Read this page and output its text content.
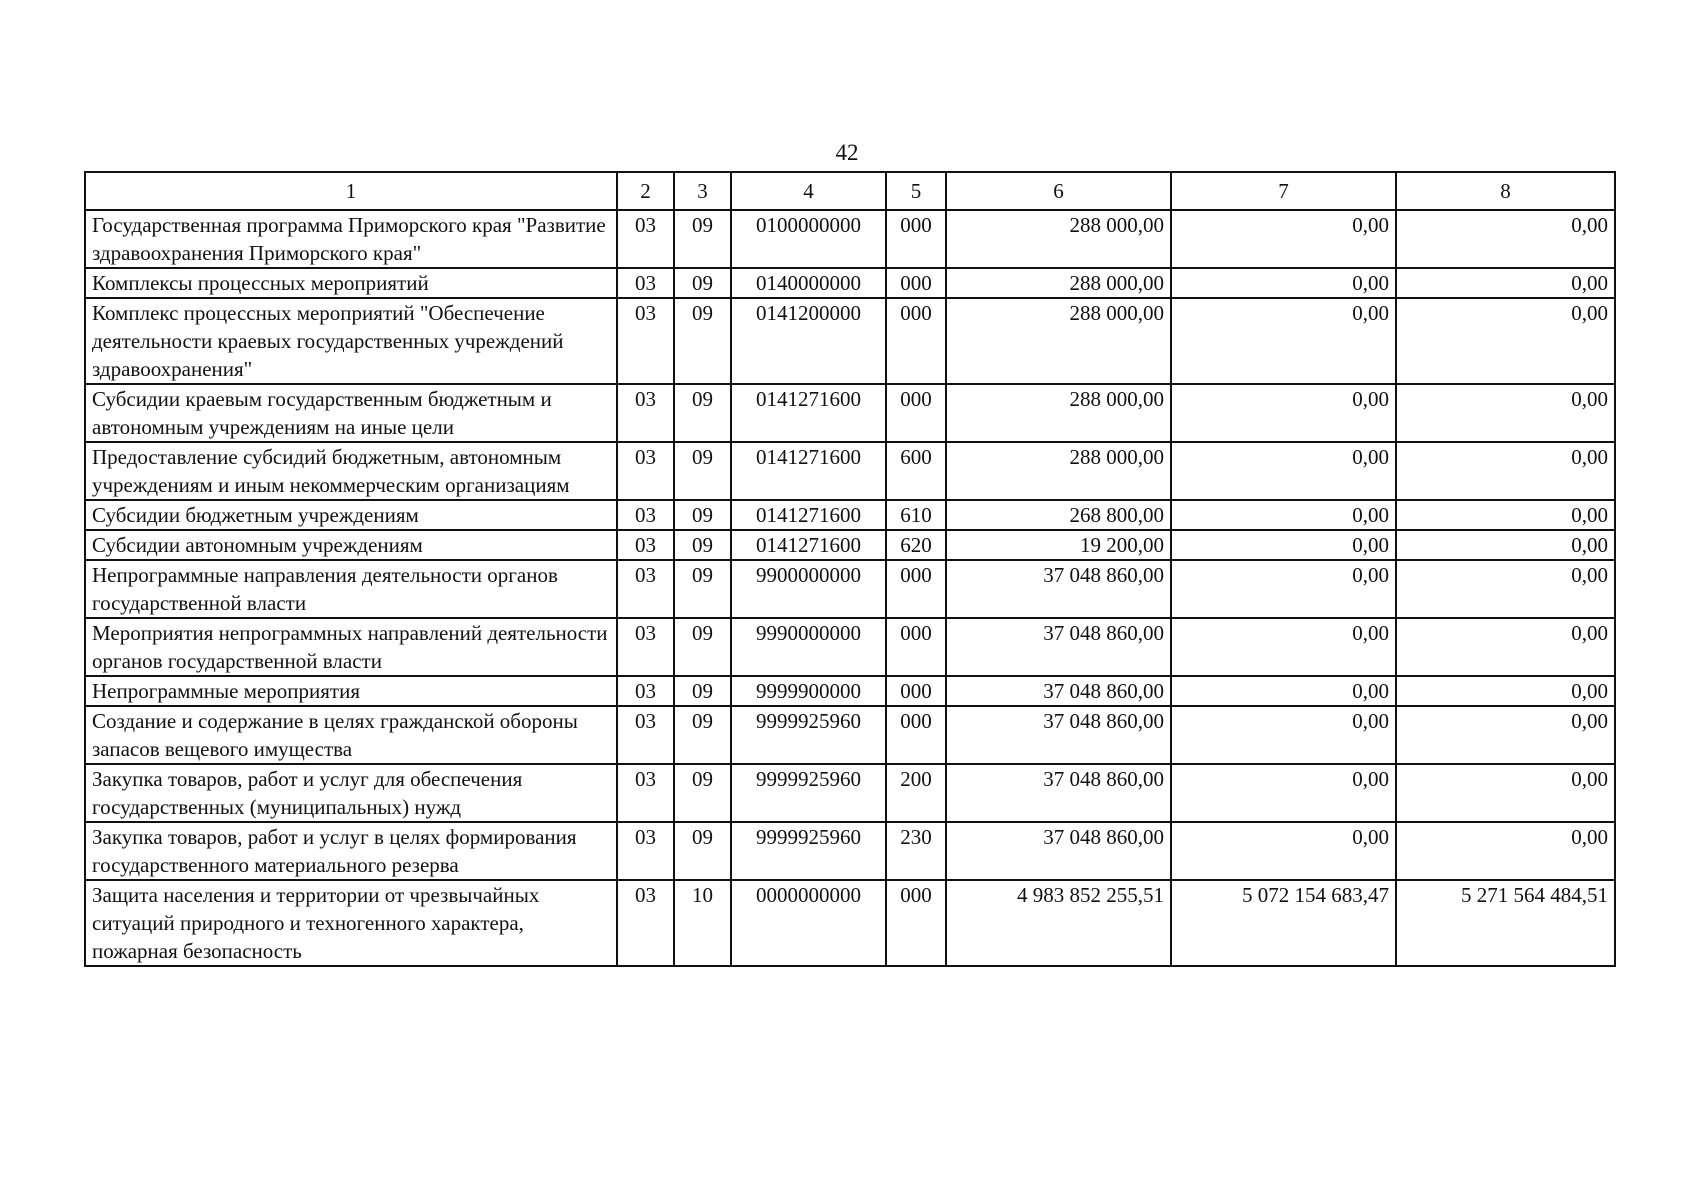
42
1	2	3	4	5	6	7	8
Государственная программа Приморского края "Развитие здравоохранения Приморского края"	03	09	0100000000	000	288 000,00	0,00	0,00
Комплексы процессных мероприятий	03	09	0140000000	000	288 000,00	0,00	0,00
Комплекс процессных мероприятий "Обеспечение деятельности краевых государственных учреждений здравоохранения"	03	09	0141200000	000	288 000,00	0,00	0,00
Субсидии краевым государственным бюджетным и автономным учреждениям на иные цели	03	09	0141271600	000	288 000,00	0,00	0,00
Предоставление субсидий бюджетным, автономным учреждениям и иным некоммерческим организациям	03	09	0141271600	600	288 000,00	0,00	0,00
Субсидии бюджетным учреждениям	03	09	0141271600	610	268 800,00	0,00	0,00
Субсидии автономным учреждениям	03	09	0141271600	620	19 200,00	0,00	0,00
Непрограммные направления деятельности органов государственной власти	03	09	9900000000	000	37 048 860,00	0,00	0,00
Мероприятия непрограммных направлений деятельности органов государственной власти	03	09	9990000000	000	37 048 860,00	0,00	0,00
Непрограммные мероприятия	03	09	9999900000	000	37 048 860,00	0,00	0,00
Создание и содержание в целях гражданской обороны запасов вещевого имущества	03	09	9999925960	000	37 048 860,00	0,00	0,00
Закупка товаров, работ и услуг для обеспечения государственных (муниципальных) нужд	03	09	9999925960	200	37 048 860,00	0,00	0,00
Закупка товаров, работ и услуг в целях формирования государственного материального резерва	03	09	9999925960	230	37 048 860,00	0,00	0,00
Защита населения и территории от чрезвычайных ситуаций природного и техногенного характера, пожарная безопасность	03	10	0000000000	000	4 983 852 255,51	5 072 154 683,47	5 271 564 484,51
